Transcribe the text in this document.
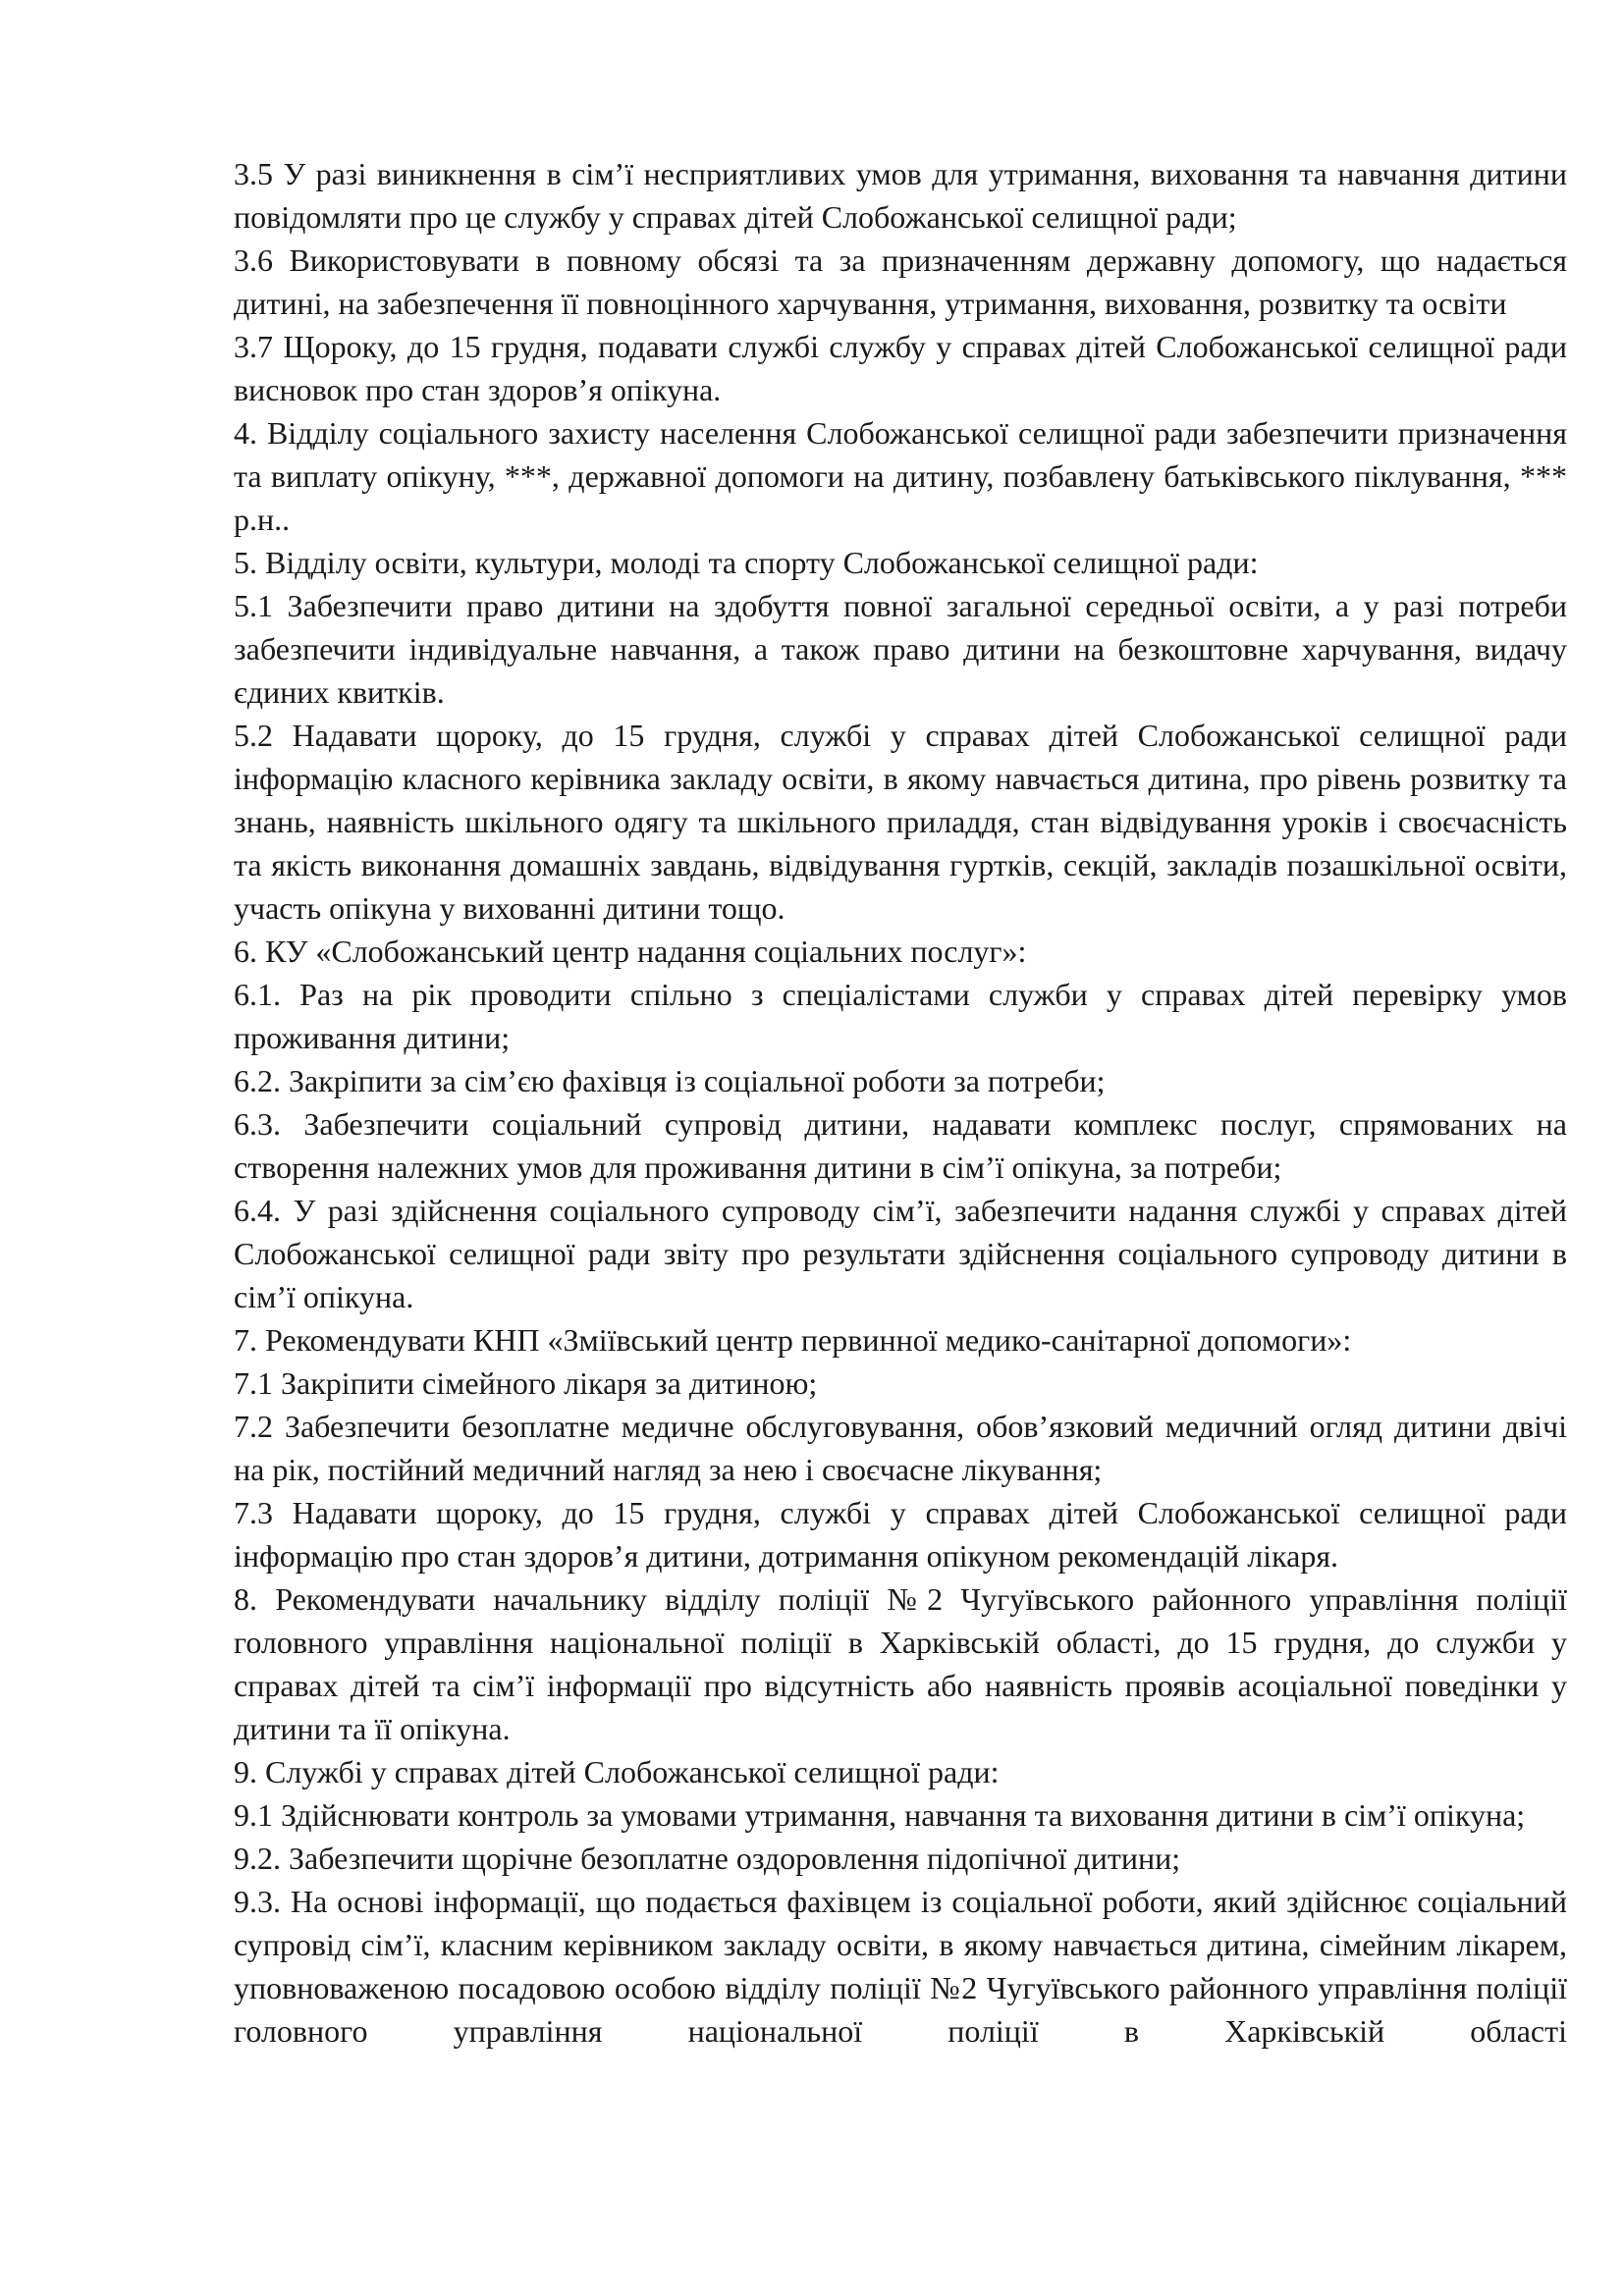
3.5 У разі виникнення в сім’ї несприятливих умов для утримання, виховання та навчання дитини повідомляти про це службу у справах дітей Слобожанської селищної ради;

3.6 Використовувати в повному обсязі та за призначенням державну допомогу, що надається дитині, на забезпечення її повноцінного харчування, утримання, виховання, розвитку та освіти

3.7 Щороку, до 15 грудня, подавати службі службу у справах дітей Слобожанської селищної ради висновок про стан здоров’я опікуна.

4. Відділу соціального захисту населення Слобожанської селищної ради забезпечити призначення та виплату опікуну, ***, державної допомоги на дитину, позбавлену батьківського піклування, *** р.н..

5. Відділу освіти, культури, молоді та спорту Слобожанської селищної ради:

5.1 Забезпечити право дитини на здобуття повної загальної середньої освіти, а у разі потреби забезпечити індивідуальне навчання, а також право дитини на безкоштовне харчування, видачу єдиних квитків.

5.2 Надавати щороку, до 15 грудня, службі у справах дітей Слобожанської селищної ради інформацію класного керівника закладу освіти, в якому навчається дитина, про рівень розвитку та знань, наявність шкільного одягу та шкільного приладдя, стан відвідування уроків і своєчасність та якість виконання домашніх завдань, відвідування гуртків, секцій, закладів позашкільної освіти, участь опікуна у вихованні дитини тощо.

6. КУ «Слобожанський центр надання соціальних послуг»:

6.1. Раз на рік проводити спільно з спеціалістами служби у справах дітей перевірку умов проживання дитини;

6.2. Закріпити за сім’єю фахівця із соціальної роботи за потреби;

6.3. Забезпечити соціальний супровід дитини, надавати комплекс послуг, спрямованих на створення належних умов для проживання дитини в сім’ї опікуна, за потреби;

6.4. У разі здійснення соціального супроводу сім’ї, забезпечити надання службі у справах дітей Слобожанської селищної ради звіту про результати здійснення соціального супроводу дитини в сім’ї опікуна.

7. Рекомендувати КНП «Зміївський центр первинної медико-санітарної допомоги»:

7.1 Закріпити сімейного лікаря за дитиною;

7.2 Забезпечити безоплатне медичне обслуговування, обов’язковий медичний огляд дитини двічі на рік, постійний медичний нагляд за нею і своєчасне лікування;

7.3 Надавати щороку, до 15 грудня, службі у справах дітей Слобожанської селищної ради інформацію про стан здоров’я дитини, дотримання опікуном рекомендацій лікаря.

8. Рекомендувати начальнику відділу поліції №2 Чугуївського районного управління поліції головного управління національної поліції в Харківській області, до 15 грудня, до служби у справах дітей та сім’ї інформації про відсутність або наявність проявів асоціальної поведінки у дитини та її опікуна.

9. Службі у справах дітей Слобожанської селищної ради:

9.1 Здійснювати контроль за умовами утримання, навчання та виховання дитини в сім’ї опікуна;

9.2. Забезпечити щорічне безоплатне оздоровлення підопічної дитини;

9.3. На основі інформації, що подається фахівцем із соціальної роботи, який здійснює соціальний супровід сім’ї, класним керівником закладу освіти, в якому навчається дитина, сімейним лікарем, уповноваженою посадовою особою відділу поліції №2 Чугуївського районного управління поліції головного управління національної поліції в Харківській області
